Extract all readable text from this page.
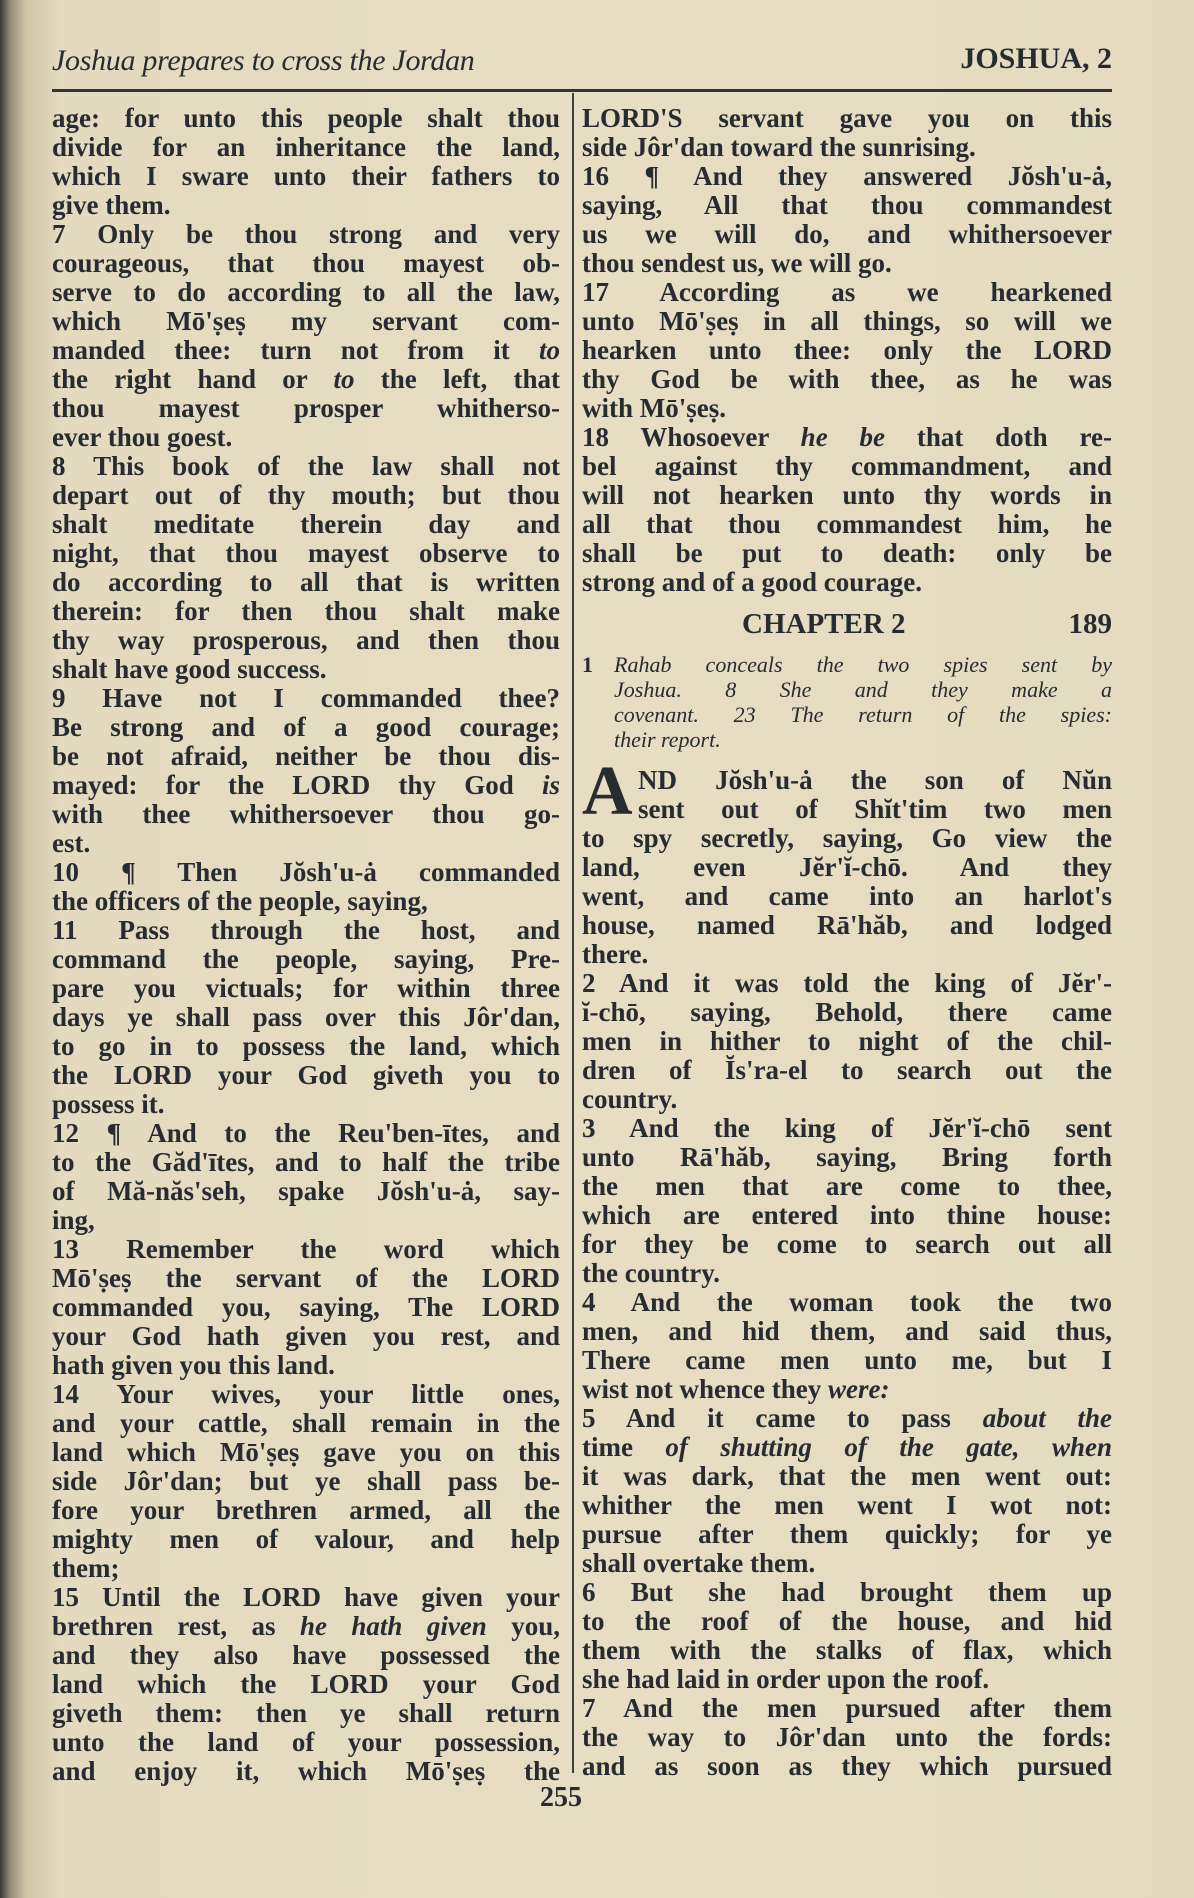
Joshua prepares to cross the Jordan	JOSHUA, 2
age: for unto this people shalt thou
divide for an inheritance the land,
which I sware unto their fathers to
give them.
7 Only be thou strong and very
courageous, that thou mayest ob-
serve to do according to all the law,
which Mō'ṣeṣ my servant com-
manded thee: turn not from it to
the right hand or to the left, that
thou mayest prosper whitherso-
ever thou goest.
8 This book of the law shall not
depart out of thy mouth; but thou
shalt meditate therein day and
night, that thou mayest observe to
do according to all that is written
therein: for then thou shalt make
thy way prosperous, and then thou
shalt have good success.
9 Have not I commanded thee?
Be strong and of a good courage;
be not afraid, neither be thou dis-
mayed: for the LORD thy God is
with thee whithersoever thou go-
est.
10 ¶ Then Jŏsh'u-ȧ commanded
the officers of the people, saying,
11 Pass through the host, and
command the people, saying, Pre-
pare you victuals; for within three
days ye shall pass over this Jôr'dan,
to go in to possess the land, which
the LORD your God giveth you to
possess it.
12 ¶ And to the Reu'ben-ītes, and
to the Găd'ītes, and to half the tribe
of Mă-năs'seh, spake Jŏsh'u-ȧ, say-
ing,
13 Remember the word which
Mō'ṣeṣ the servant of the LORD
commanded you, saying, The LORD
your God hath given you rest, and
hath given you this land.
14 Your wives, your little ones,
and your cattle, shall remain in the
land which Mō'ṣeṣ gave you on this
side Jôr'dan; but ye shall pass be-
fore your brethren armed, all the
mighty men of valour, and help
them;
15 Until the LORD have given your
brethren rest, as he hath given you,
and they also have possessed the
land which the LORD your God
giveth them: then ye shall return
unto the land of your possession,
and enjoy it, which Mō'ṣeṣ the
LORD'S servant gave you on this
side Jôr'dan toward the sunrising.
16 ¶ And they answered Jŏsh'u-ȧ,
saying, All that thou commandest
us we will do, and whithersoever
thou sendest us, we will go.
17 According as we hearkened
unto Mō'ṣeṣ in all things, so will we
hearken unto thee: only the LORD
thy God be with thee, as he was
with Mō'ṣeṣ.
18 Whosoever he be that doth re-
bel against thy commandment, and
will not hearken unto thy words in
all that thou commandest him, he
shall be put to death: only be
strong and of a good courage.
CHAPTER 2	189
1 Rahab conceals the two spies sent by
Joshua. 8 She and they make a
covenant. 23 The return of the spies:
their report.
A ND Jŏsh'u-ȧ the son of Nŭn
sent out of Shĭt'tim two men
to spy secretly, saying, Go view the
land, even Jĕr'ĭ-chō. And they
went, and came into an harlot's
house, named Rā'hăb, and lodged
there.
2 And it was told the king of Jĕr'-
ĭ-chō, saying, Behold, there came
men in hither to night of the chil-
dren of Ĭs'ra-el to search out the
country.
3 And the king of Jĕr'ĭ-chō sent
unto Rā'hăb, saying, Bring forth
the men that are come to thee,
which are entered into thine house:
for they be come to search out all
the country.
4 And the woman took the two
men, and hid them, and said thus,
There came men unto me, but I
wist not whence they were:
5 And it came to pass about the
time of shutting of the gate, when
it was dark, that the men went out:
whither the men went I wot not:
pursue after them quickly; for ye
shall overtake them.
6 But she had brought them up
to the roof of the house, and hid
them with the stalks of flax, which
she had laid in order upon the roof.
7 And the men pursued after them
the way to Jôr'dan unto the fords:
and as soon as they which pursued
255
